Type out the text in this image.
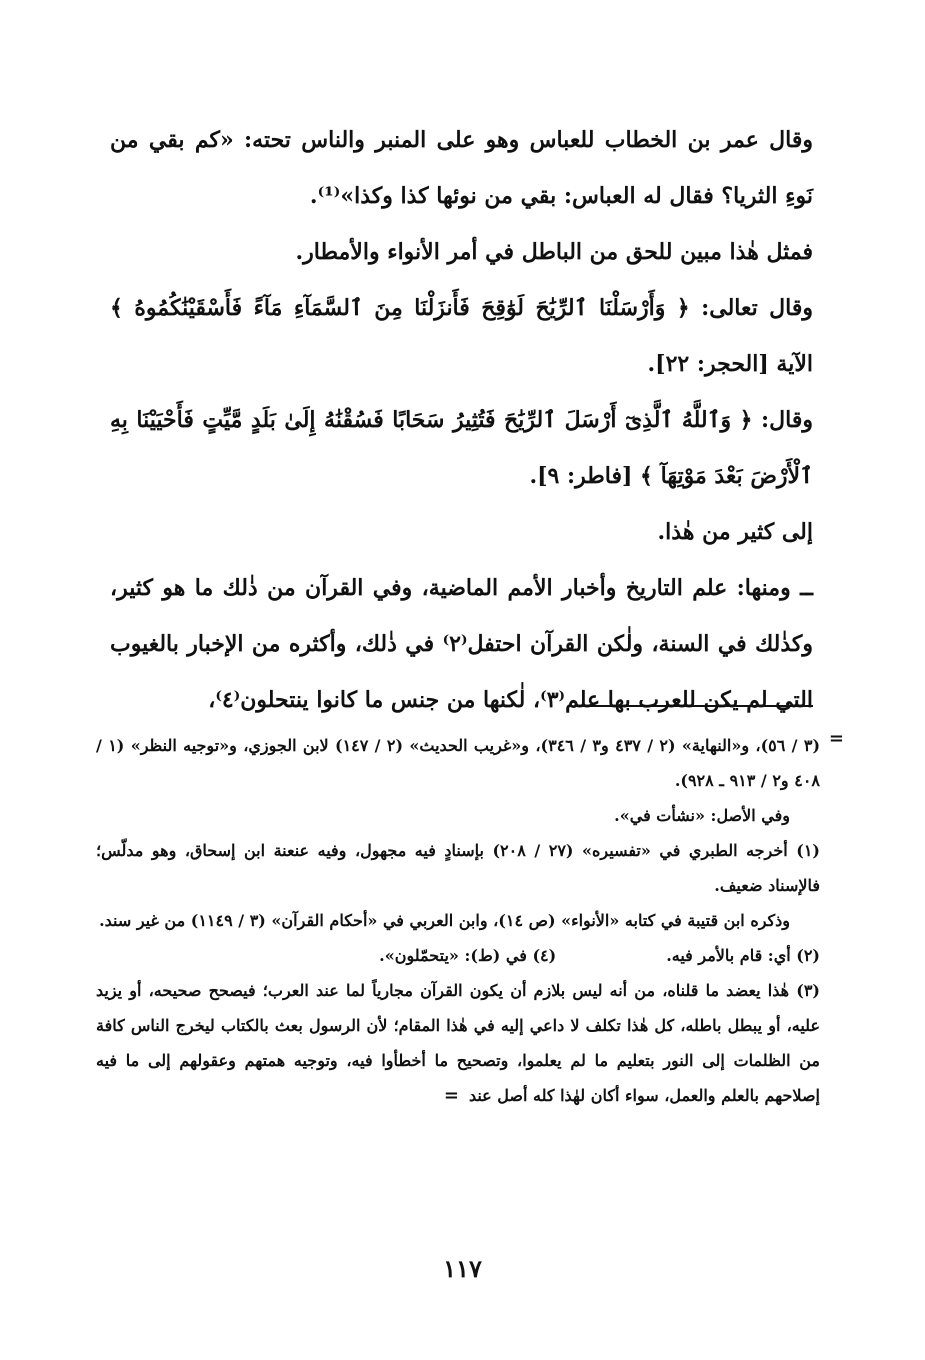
وقال عمر بن الخطاب للعباس وهو على المنبر والناس تحته: «كم بقي من نَوءِ الثريا؟ فقال له العباس: بقي من نوئها كذا وكذا»⁽¹⁾.

فمثل هٰذا مبين للحق من الباطل في أمر الأنواء والأمطار.

وقال تعالى: ﴿ وَأَرْسَلْنَا ٱلرِّيَٰحَ لَوَٰقِحَ فَأَنزَلْنَا مِنَ ٱلسَّمَآءِ مَآءً فَأَسْقَيْنَٰكُمُوهُ ﴾ الآية [الحجر: ٢٢].

وقال: ﴿ وَٱللَّهُ ٱلَّذِىٓ أَرْسَلَ ٱلرِّيَٰحَ فَتُثِيرُ سَحَابًا فَسُقْنَٰهُ إِلَىٰ بَلَدٍ مَّيِّتٍ فَأَحْيَيْنَا بِهِ ٱلْأَرْضَ بَعْدَ مَوْتِهَآ ﴾ [فاطر: ٩].

إلى كثير من هٰذا.

ــ ومنها: علم التاريخ وأخبار الأمم الماضية، وفي القرآن من ذٰلك ما هو كثير، وكذٰلك في السنة، ولٰكن القرآن احتفل⁽٢⁾ في ذٰلك، وأكثره من الإخبار بالغيوب التي لم يكن للعرب بها علم⁽٣⁾، لٰكنها من جنس ما كانوا ينتحلون⁽٤⁾،

=

(٣ / ٥٦)، و«النهاية» (٢ / ٤٣٧ و٣ / ٣٤٦)، و«غريب الحديث» (٢ / ١٤٧) لابن الجوزي، و«توجيه النظر» (١ / ٤٠٨ و٢ / ٩١٣ ـ ٩٢٨).

وفي الأصل: «نشأت في».

(١) أخرجه الطبري في «تفسيره» (٢٧ / ٢٠٨) بإسنادٍ فيه مجهول، وفيه عنعنة ابن إسحاق، وهو مدلّس؛ فالإسناد ضعيف.

وذكره ابن قتيبة في كتابه «الأنواء» (ص ١٤)، وابن العربي في «أحكام القرآن» (٣ / ١١٤٩) من غير سند.

(٢) أي: قام بالأمر فيه.(٤) في (ط): «يتحمّلون».

(٣) هٰذا يعضد ما قلناه، من أنه ليس بلازم أن يكون القرآن مجارياً لما عند العرب؛ فيصحح صحيحه، أو يزيد عليه، أو يبطل باطله، كل هٰذا تكلف لا داعي إليه في هٰذا المقام؛ لأن الرسول بعث بالكتاب ليخرج الناس كافة من الظلمات إلى النور بتعليم ما لم يعلموا، وتصحيح ما أخطأوا فيه، وتوجيه همتهم وعقولهم إلى ما فيه إصلاحهم بالعلم والعمل، سواء أكان لهٰذا كله أصل عند=

١١٧
